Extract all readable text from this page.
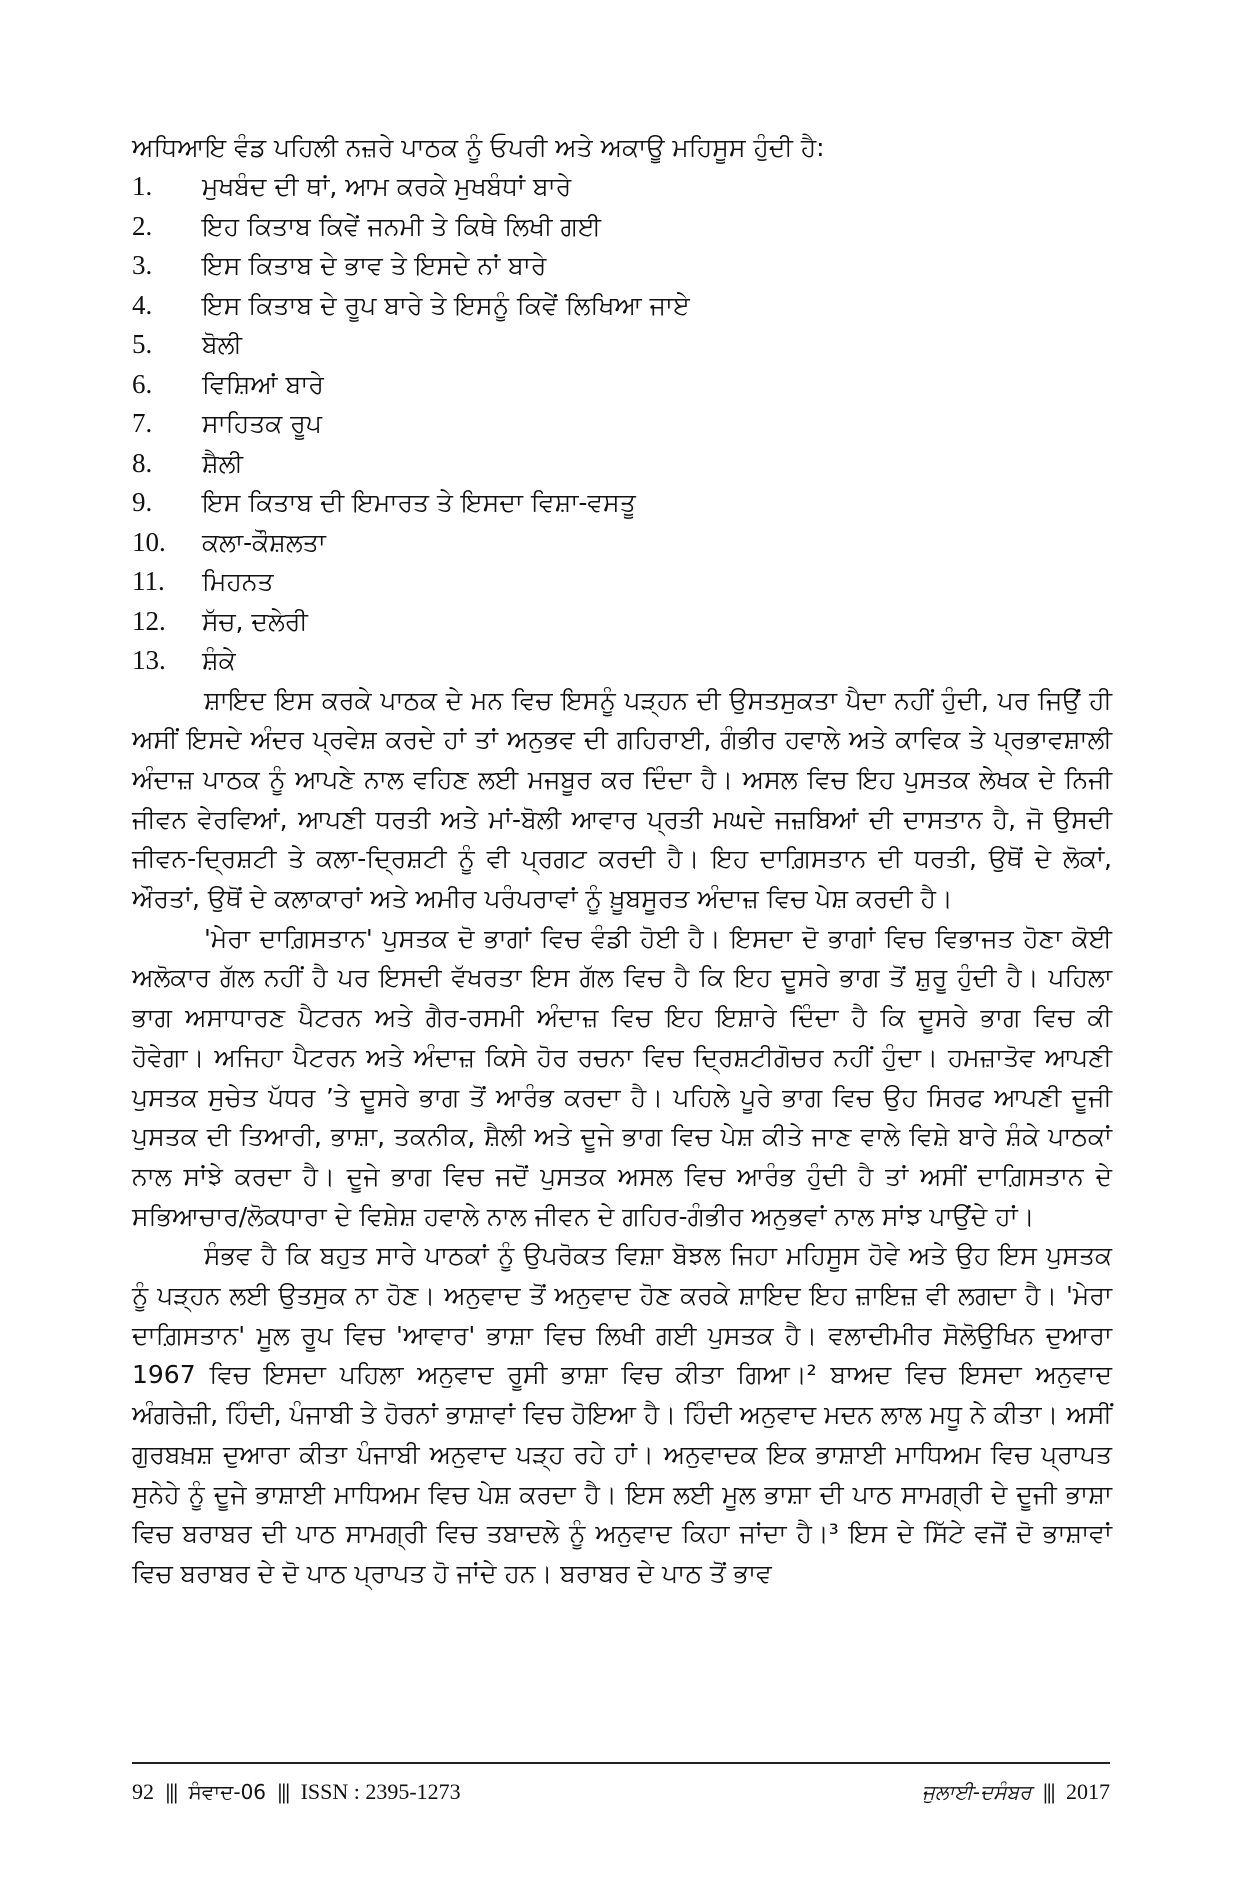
ਅਧਿਆਇ ਵੰਡ ਪਹਿਲੀ ਨਜ਼ਰੇ ਪਾਠਕ ਨੂੰ ਓਪਰੀ ਅਤੇ ਅਕਾਊ ਮਹਿਸੂਸ ਹੁੰਦੀ ਹੈ:

1.	ਮੁਖਬੰਦ ਦੀ ਥਾਂ, ਆਮ ਕਰਕੇ ਮੁਖਬੰਧਾਂ ਬਾਰੇ
2.	ਇਹ ਕਿਤਾਬ ਕਿਵੇਂ ਜਨਮੀ ਤੇ ਕਿਥੇ ਲਿਖੀ ਗਈ
3.	ਇਸ ਕਿਤਾਬ ਦੇ ਭਾਵ ਤੇ ਇਸਦੇ ਨਾਂ ਬਾਰੇ
4.	ਇਸ ਕਿਤਾਬ ਦੇ ਰੂਪ ਬਾਰੇ ਤੇ ਇਸਨੂੰ ਕਿਵੇਂ ਲਿਖਿਆ ਜਾਏ
5.	ਬੋਲੀ
6.	ਵਿਸ਼ਿਆਂ ਬਾਰੇ
7.	ਸਾਹਿਤਕ ਰੂਪ
8.	ਸ਼ੈਲੀ
9.	ਇਸ ਕਿਤਾਬ ਦੀ ਇਮਾਰਤ ਤੇ ਇਸਦਾ ਵਿਸ਼ਾ-ਵਸਤੂ
10.	ਕਲਾ-ਕੌਸ਼ਲਤਾ
11.	ਮਿਹਨਤ
12.	ਸੱਚ, ਦਲੇਰੀ
13.	ਸ਼ੰਕੇ

ਸ਼ਾਇਦ ਇਸ ਕਰਕੇ ਪਾਠਕ ਦੇ ਮਨ ਵਿਚ ਇਸਨੂੰ ਪੜ੍ਹਨ ਦੀ ਉਸਤਸੁਕਤਾ ਪੈਦਾ ਨਹੀਂ ਹੁੰਦੀ, ਪਰ ਜਿਉਂ ਹੀ ਅਸੀਂ ਇਸਦੇ ਅੰਦਰ ਪ੍ਰਵੇਸ਼ ਕਰਦੇ ਹਾਂ ਤਾਂ ਅਨੁਭਵ ਦੀ ਗਹਿਰਾਈ, ਗੰਭੀਰ ਹਵਾਲੇ ਅਤੇ ਕਾਵਿਕ ਤੇ ਪ੍ਰਭਾਵਸ਼ਾਲੀ ਅੰਦਾਜ਼ ਪਾਠਕ ਨੂੰ ਆਪਣੇ ਨਾਲ ਵਹਿਣ ਲਈ ਮਜਬੂਰ ਕਰ ਦਿੰਦਾ ਹੈ। ਅਸਲ ਵਿਚ ਇਹ ਪੁਸਤਕ ਲੇਖਕ ਦੇ ਨਿਜੀ ਜੀਵਨ ਵੇਰਵਿਆਂ, ਆਪਣੀ ਧਰਤੀ ਅਤੇ ਮਾਂ-ਬੋਲੀ ਆਵਾਰ ਪ੍ਰਤੀ ਮਘਦੇ ਜਜ਼ਬਿਆਂ ਦੀ ਦਾਸਤਾਨ ਹੈ, ਜੋ ਉਸਦੀ ਜੀਵਨ-ਦ੍ਰਿਸ਼ਟੀ ਤੇ ਕਲਾ-ਦ੍ਰਿਸ਼ਟੀ ਨੂੰ ਵੀ ਪ੍ਰਗਟ ਕਰਦੀ ਹੈ। ਇਹ ਦਾਗ਼ਿਸਤਾਨ ਦੀ ਧਰਤੀ, ਉਥੋਂ ਦੇ ਲੋਕਾਂ, ਔਰਤਾਂ, ਉਥੋਂ ਦੇ ਕਲਾਕਾਰਾਂ ਅਤੇ ਅਮੀਰ ਪਰੰਪਰਾਵਾਂ ਨੂੰ ਖ਼ੂਬਸੂਰਤ ਅੰਦਾਜ਼ ਵਿਚ ਪੇਸ਼ ਕਰਦੀ ਹੈ।

'ਮੇਰਾ ਦਾਗ਼ਿਸਤਾਨ' ਪੁਸਤਕ ਦੋ ਭਾਗਾਂ ਵਿਚ ਵੰਡੀ ਹੋਈ ਹੈ। ਇਸਦਾ ਦੋ ਭਾਗਾਂ ਵਿਚ ਵਿਭਾਜਤ ਹੋਣਾ ਕੋਈ ਅਲੋਕਾਰ ਗੱਲ ਨਹੀਂ ਹੈ ਪਰ ਇਸਦੀ ਵੱਖਰਤਾ ਇਸ ਗੱਲ ਵਿਚ ਹੈ ਕਿ ਇਹ ਦੂਸਰੇ ਭਾਗ ਤੋਂ ਸ਼ੁਰੂ ਹੁੰਦੀ ਹੈ। ਪਹਿਲਾ ਭਾਗ ਅਸਾਧਾਰਣ ਪੈਟਰਨ ਅਤੇ ਗੈਰ-ਰਸਮੀ ਅੰਦਾਜ਼ ਵਿਚ ਇਹ ਇਸ਼ਾਰੇ ਦਿੰਦਾ ਹੈ ਕਿ ਦੂਸਰੇ ਭਾਗ ਵਿਚ ਕੀ ਹੋਵੇਗਾ। ਅਜਿਹਾ ਪੈਟਰਨ ਅਤੇ ਅੰਦਾਜ਼ ਕਿਸੇ ਹੋਰ ਰਚਨਾ ਵਿਚ ਦ੍ਰਿਸ਼ਟੀਗੋਚਰ ਨਹੀਂ ਹੁੰਦਾ। ਹਮਜ਼ਾਤੋਵ ਆਪਣੀ ਪੁਸਤਕ ਸੁਚੇਤ ਪੱਧਰ ’ਤੇ ਦੂਸਰੇ ਭਾਗ ਤੋਂ ਆਰੰਭ ਕਰਦਾ ਹੈ। ਪਹਿਲੇ ਪੂਰੇ ਭਾਗ ਵਿਚ ਉਹ ਸਿਰਫ ਆਪਣੀ ਦੂਜੀ ਪੁਸਤਕ ਦੀ ਤਿਆਰੀ, ਭਾਸ਼ਾ, ਤਕਨੀਕ, ਸ਼ੈਲੀ ਅਤੇ ਦੂਜੇ ਭਾਗ ਵਿਚ ਪੇਸ਼ ਕੀਤੇ ਜਾਣ ਵਾਲੇ ਵਿਸ਼ੇ ਬਾਰੇ ਸ਼ੰਕੇ ਪਾਠਕਾਂ ਨਾਲ ਸਾਂਝੇ ਕਰਦਾ ਹੈ। ਦੂਜੇ ਭਾਗ ਵਿਚ ਜਦੋਂ ਪੁਸਤਕ ਅਸਲ ਵਿਚ ਆਰੰਭ ਹੁੰਦੀ ਹੈ ਤਾਂ ਅਸੀਂ ਦਾਗ਼ਿਸਤਾਨ ਦੇ ਸਭਿਆਚਾਰ/ਲੋਕਧਾਰਾ ਦੇ ਵਿਸ਼ੇਸ਼ ਹਵਾਲੇ ਨਾਲ ਜੀਵਨ ਦੇ ਗਹਿਰ-ਗੰਭੀਰ ਅਨੁਭਵਾਂ ਨਾਲ ਸਾਂਝ ਪਾਉਂਦੇ ਹਾਂ।

ਸੰਭਵ ਹੈ ਕਿ ਬਹੁਤ ਸਾਰੇ ਪਾਠਕਾਂ ਨੂੰ ਉਪਰੋਕਤ ਵਿਸ਼ਾ ਬੋਝਲ ਜਿਹਾ ਮਹਿਸੂਸ ਹੋਵੇ ਅਤੇ ਉਹ ਇਸ ਪੁਸਤਕ ਨੂੰ ਪੜ੍ਹਨ ਲਈ ਉਤਸੁਕ ਨਾ ਹੋਣ। ਅਨੁਵਾਦ ਤੋਂ ਅਨੁਵਾਦ ਹੋਣ ਕਰਕੇ ਸ਼ਾਇਦ ਇਹ ਜ਼ਾਇਜ਼ ਵੀ ਲਗਦਾ ਹੈ। 'ਮੇਰਾ ਦਾਗ਼ਿਸਤਾਨ' ਮੂਲ ਰੂਪ ਵਿਚ 'ਆਵਾਰ' ਭਾਸ਼ਾ ਵਿਚ ਲਿਖੀ ਗਈ ਪੁਸਤਕ ਹੈ। ਵਲਾਦੀਮੀਰ ਸੋਲੋਉਖਿਨ ਦੁਆਰਾ 1967 ਵਿਚ ਇਸਦਾ ਪਹਿਲਾ ਅਨੁਵਾਦ ਰੂਸੀ ਭਾਸ਼ਾ ਵਿਚ ਕੀਤਾ ਗਿਆ।² ਬਾਅਦ ਵਿਚ ਇਸਦਾ ਅਨੁਵਾਦ ਅੰਗਰੇਜ਼ੀ, ਹਿੰਦੀ, ਪੰਜਾਬੀ ਤੇ ਹੋਰਨਾਂ ਭਾਸ਼ਾਵਾਂ ਵਿਚ ਹੋਇਆ ਹੈ। ਹਿੰਦੀ ਅਨੁਵਾਦ ਮਦਨ ਲਾਲ ਮਧੂ ਨੇ ਕੀਤਾ। ਅਸੀਂ ਗੁਰਬਖ਼ਸ਼ ਦੁਆਰਾ ਕੀਤਾ ਪੰਜਾਬੀ ਅਨੁਵਾਦ ਪੜ੍ਹ ਰਹੇ ਹਾਂ। ਅਨੁਵਾਦਕ ਇਕ ਭਾਸ਼ਾਈ ਮਾਧਿਅਮ ਵਿਚ ਪ੍ਰਾਪਤ ਸੁਨੇਹੇ ਨੂੰ ਦੂਜੇ ਭਾਸ਼ਾਈ ਮਾਧਿਅਮ ਵਿਚ ਪੇਸ਼ ਕਰਦਾ ਹੈ। ਇਸ ਲਈ ਮੂਲ ਭਾਸ਼ਾ ਦੀ ਪਾਠ ਸਾਮਗ੍ਰੀ ਦੇ ਦੂਜੀ ਭਾਸ਼ਾ ਵਿਚ ਬਰਾਬਰ ਦੀ ਪਾਠ ਸਾਮਗ੍ਰੀ ਵਿਚ ਤਬਾਦਲੇ ਨੂੰ ਅਨੁਵਾਦ ਕਿਹਾ ਜਾਂਦਾ ਹੈ।³ ਇਸ ਦੇ ਸਿੱਟੇ ਵਜੋਂ ਦੋ ਭਾਸ਼ਾਵਾਂ ਵਿਚ ਬਰਾਬਰ ਦੇ ਦੋ ਪਾਠ ਪ੍ਰਾਪਤ ਹੋ ਜਾਂਦੇ ਹਨ। ਬਰਾਬਰ ਦੇ ਪਾਠ ਤੋਂ ਭਾਵ

92 ||| ਸੰਵਾਦ-06 ||| ISSN : 2395-1273	ਜੁਲਾਈ-ਦਸੰਬਰ ||| 2017
